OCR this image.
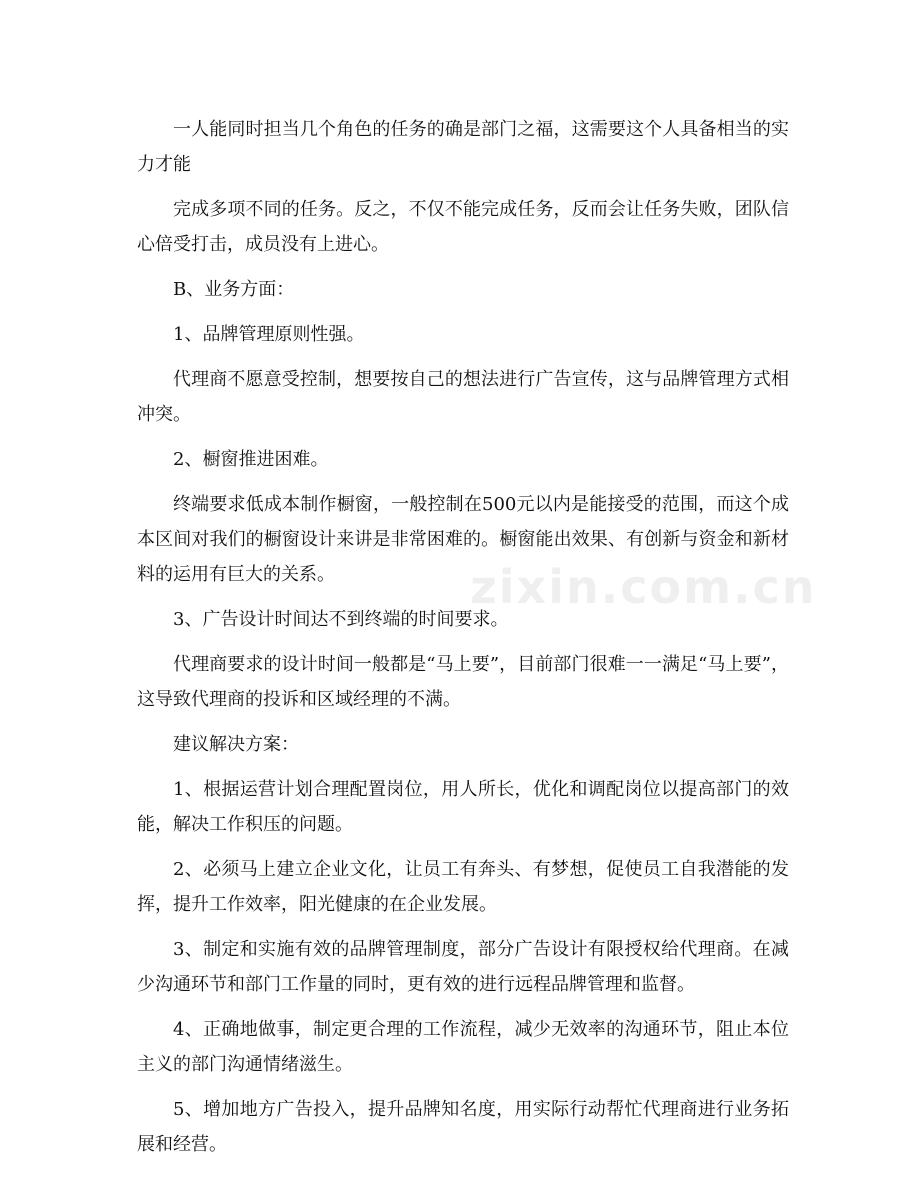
一人能同时担当几个角色的任务的确是部门之福，这需要这个人具备相当的实力才能

完成多项不同的任务。反之，不仅不能完成任务，反而会让任务失败，团队信心倍受打击，成员没有上进心。

B、业务方面：

1、品牌管理原则性强。

代理商不愿意受控制，想要按自己的想法进行广告宣传，这与品牌管理方式相冲突。

2、橱窗推进困难。

终端要求低成本制作橱窗，一般控制在500元以内是能接受的范围，而这个成本区间对我们的橱窗设计来讲是非常困难的。橱窗能出效果、有创新与资金和新材料的运用有巨大的关系。

3、广告设计时间达不到终端的时间要求。

代理商要求的设计时间一般都是“马上要”，目前部门很难一一满足“马上要”，这导致代理商的投诉和区域经理的不满。

建议解决方案：

1、根据运营计划合理配置岗位，用人所长，优化和调配岗位以提高部门的效能，解决工作积压的问题。

2、必须马上建立企业文化，让员工有奔头、有梦想，促使员工自我潜能的发挥，提升工作效率，阳光健康的在企业发展。

3、制定和实施有效的品牌管理制度，部分广告设计有限授权给代理商。在减少沟通环节和部门工作量的同时，更有效的进行远程品牌管理和监督。

4、正确地做事，制定更合理的工作流程，减少无效率的沟通环节，阻止本位主义的部门沟通情绪滋生。

5、增加地方广告投入，提升品牌知名度，用实际行动帮忙代理商进行业务拓展和经营。

zixin.com.cn
